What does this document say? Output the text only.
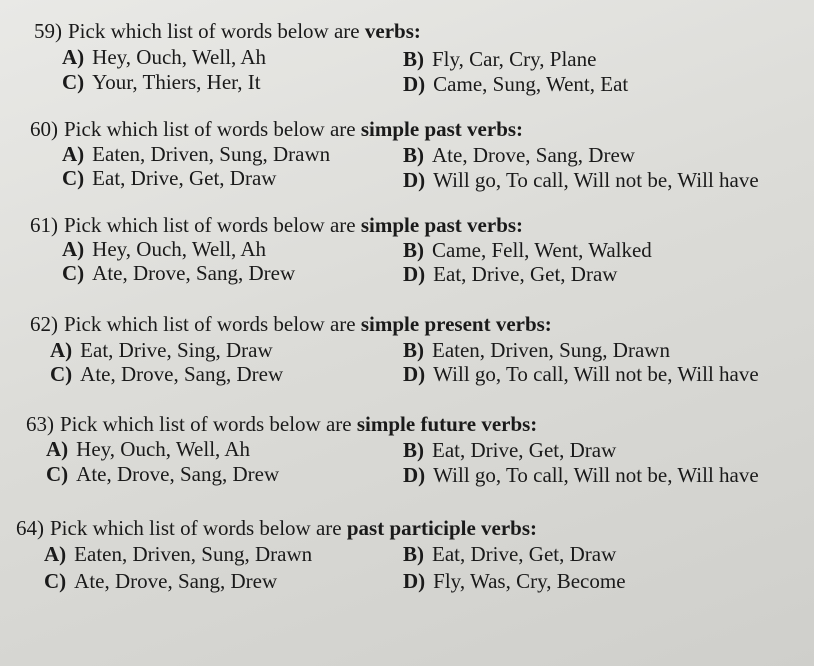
59) Pick which list of words below are verbs:
A) Hey, Ouch, Well, Ah	B) Fly, Car, Cry, Plane
C) Your, Thiers, Her, It	D) Came, Sung, Went, Eat
60) Pick which list of words below are simple past verbs:
A) Eaten, Driven, Sung, Drawn	B) Ate, Drove, Sang, Drew
C) Eat, Drive, Get, Draw	D) Will go, To call, Will not be, Will have
61) Pick which list of words below are simple past verbs:
A) Hey, Ouch, Well, Ah	B) Came, Fell, Went, Walked
C) Ate, Drove, Sang, Drew	D) Eat, Drive, Get, Draw
62) Pick which list of words below are simple present verbs:
A) Eat, Drive, Sing, Draw	B) Eaten, Driven, Sung, Drawn
C) Ate, Drove, Sang, Drew	D) Will go, To call, Will not be, Will have
63) Pick which list of words below are simple future verbs:
A) Hey, Ouch, Well, Ah	B) Eat, Drive, Get, Draw
C) Ate, Drove, Sang, Drew	D) Will go, To call, Will not be, Will have
64) Pick which list of words below are past participle verbs:
A) Eaten, Driven, Sung, Drawn	B) Eat, Drive, Get, Draw
C) Ate, Drove, Sang, Drew	D) Fly, Was, Cry, Become
